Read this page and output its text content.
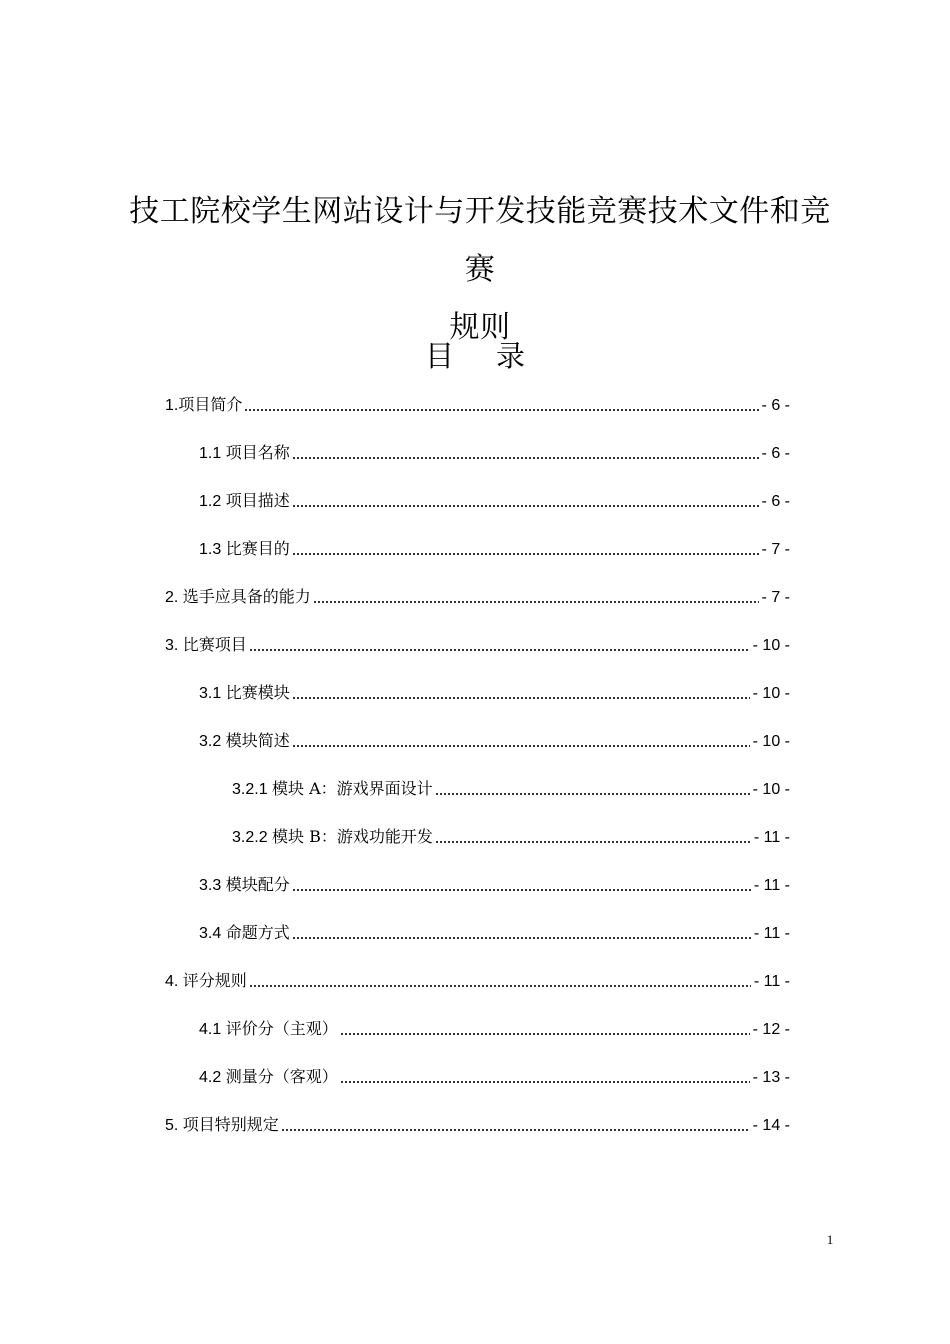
技工院校学生网站设计与开发技能竞赛技术文件和竞赛
规则
目 录
1.项目简介	- 6 -
1.1 项目名称	- 6 -
1.2 项目描述	- 6 -
1.3 比赛目的	- 7 -
2. 选手应具备的能力	- 7 -
3. 比赛项目	- 10 -
3.1 比赛模块	- 10 -
3.2 模块简述	- 10 -
3.2.1 模块 A：游戏界面设计	- 10 -
3.2.2 模块 B：游戏功能开发	- 11 -
3.3 模块配分	- 11 -
3.4 命题方式	- 11 -
4. 评分规则	- 11 -
4.1 评价分（主观）	- 12 -
4.2 测量分（客观）	- 13 -
5. 项目特别规定	- 14 -
1
